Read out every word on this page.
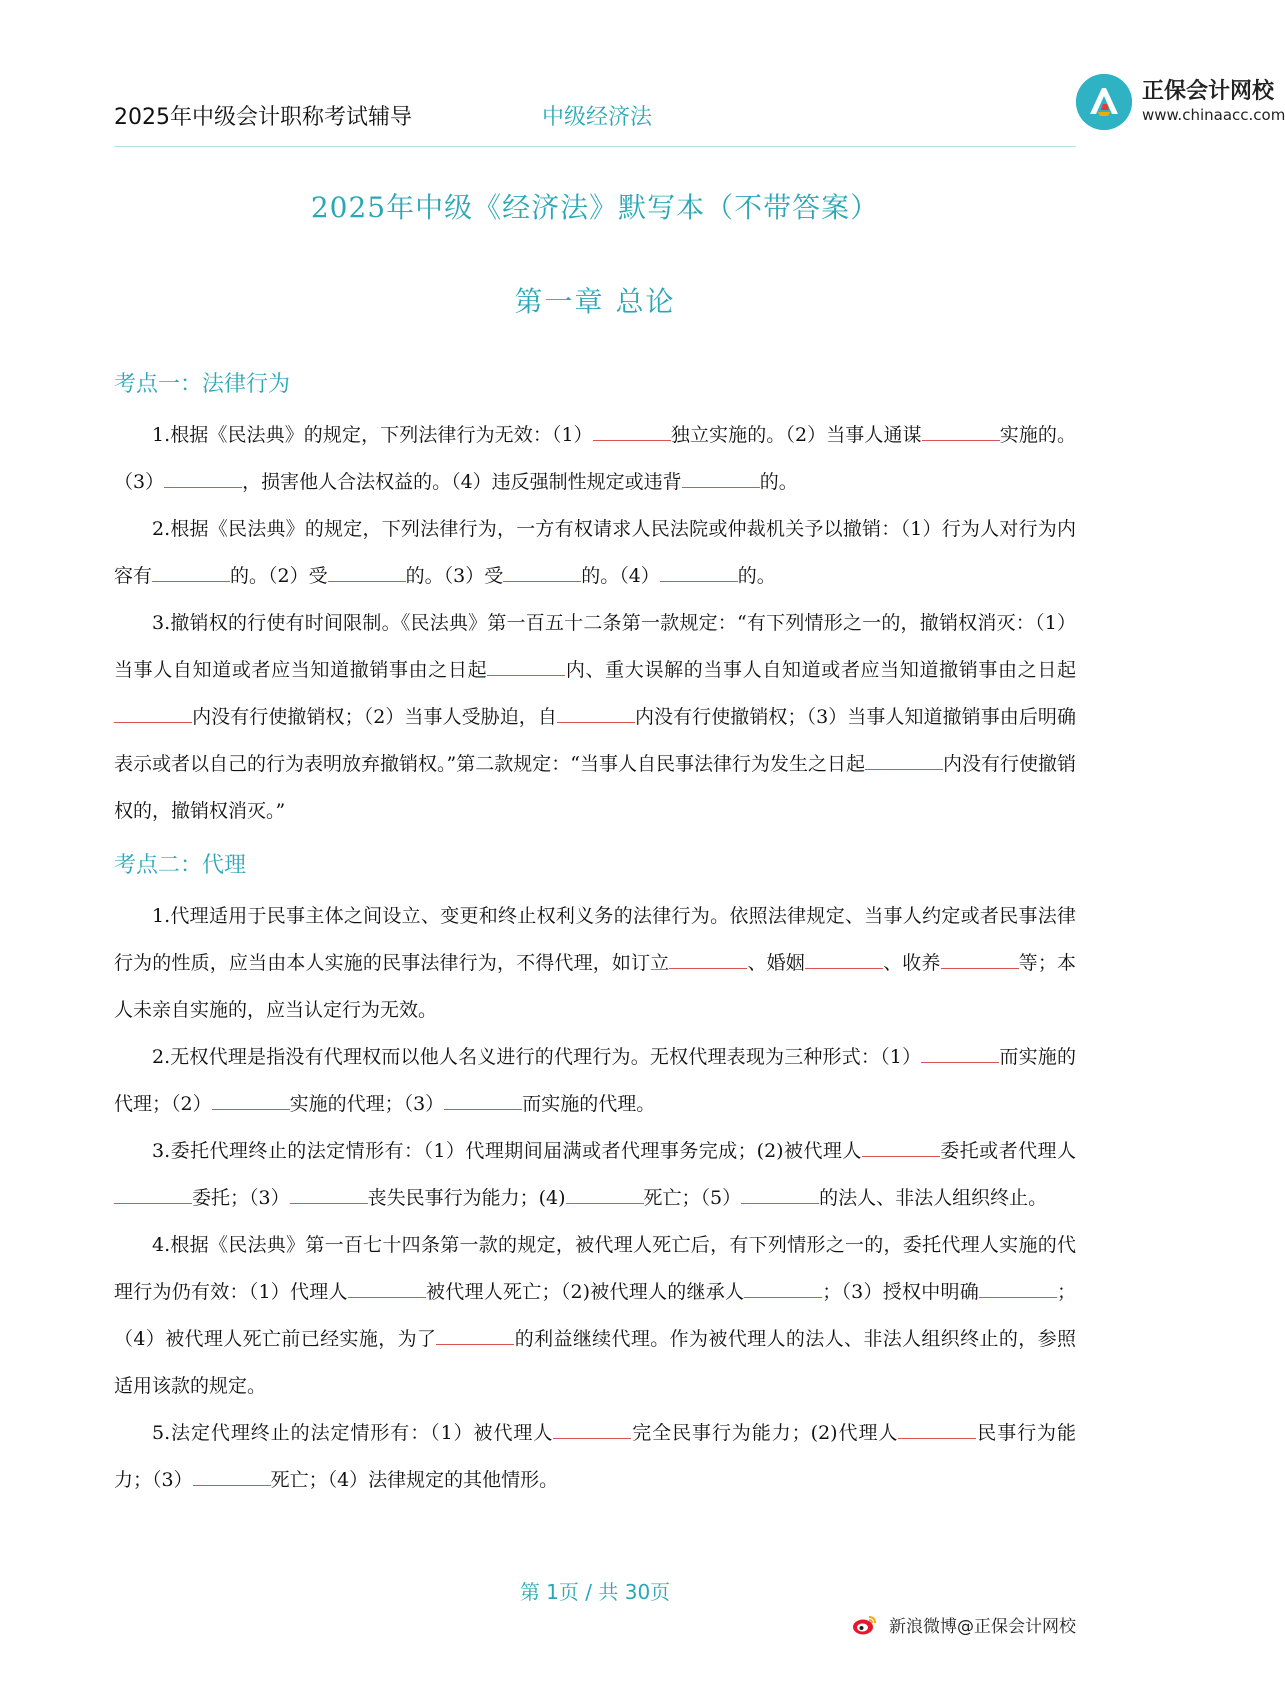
2025年中级会计职称考试辅导	中级经济法
正保会计网校
www.chinaacc.com
2025年中级《经济法》默写本（不带答案）
第一章 总论
考点一：法律行为

1.根据《民法典》的规定，下列法律行为无效：（1）	独立实施的。（2）当事人通谋	实施的。（3）	，损害他人合法权益的。（4）违反强制性规定或违背	的。

2.根据《民法典》的规定，下列法律行为，一方有权请求人民法院或仲裁机关予以撤销：（1）行为人对行为内容有	的。（2）受	的。（3）受	的。（4）	的。

3.撤销权的行使有时间限制。《民法典》第一百五十二条第一款规定：“有下列情形之一的，撤销权消灭：（1）当事人自知道或者应当知道撤销事由之日起	内、重大误解的当事人自知道或者应当知道撤销事由之日起内没有行使撤销权；（2）当事人受胁迫，自	内没有行使撤销权；（3）当事人知道撤销事由后明确表示或者以自己的行为表明放弃撤销权。”第二款规定：“当事人自民事法律行为发生之日起	内没有行使撤销权的，撤销权消灭。”

考点二：代理

1.代理适用于民事主体之间设立、变更和终止权利义务的法律行为。依照法律规定、当事人约定或者民事法律行为的性质，应当由本人实施的民事法律行为，不得代理，如订立	、婚姻	、收养	等；本人未亲自实施的，应当认定行为无效。

2.无权代理是指没有代理权而以他人名义进行的代理行为。无权代理表现为三种形式：（1）	而实施的代理；（2）	实施的代理；（3）	而实施的代理。

3.委托代理终止的法定情形有：（1）代理期间届满或者代理事务完成；(2)被代理人	委托或者代理人委托；（3）	丧失民事行为能力；(4)	死亡；（5）	的法人、非法人组织终止。

4.根据《民法典》第一百七十四条第一款的规定，被代理人死亡后，有下列情形之一的，委托代理人实施的代理行为仍有效：（1）代理人	被代理人死亡；（2)被代理人的继承人	；（3）授权中明确	；（4）被代理人死亡前已经实施，为了	的利益继续代理。作为被代理人的法人、非法人组织终止的，参照适用该款的规定。

5.法定代理终止的法定情形有：（1）被代理人	完全民事行为能力；(2)代理人	民事行为能力；（3）	死亡；（4）法律规定的其他情形。

第 1页 / 共 30页
新浪微博@正保会计网校
